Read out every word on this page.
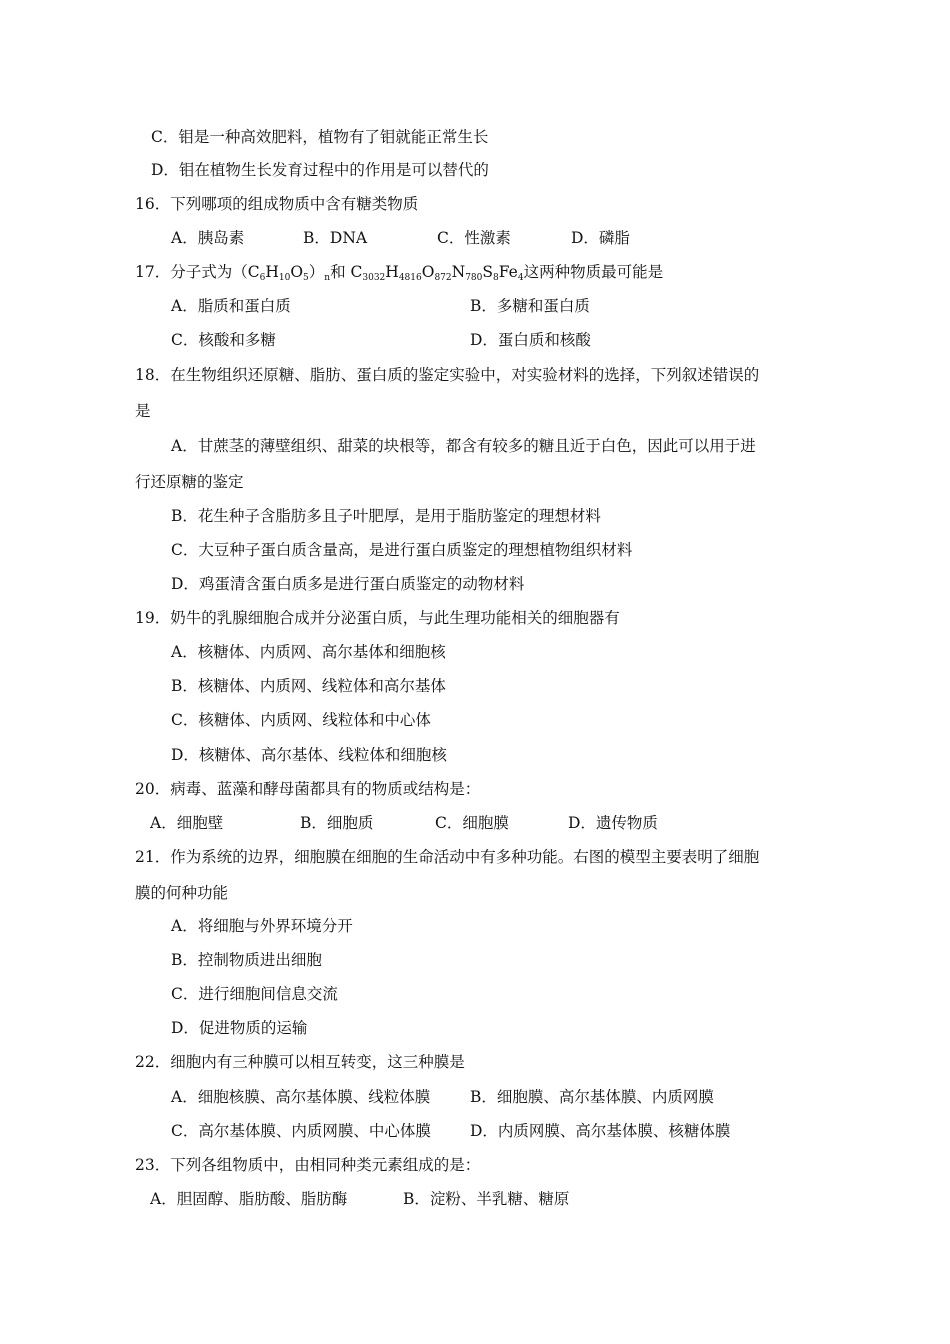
C．钼是一种高效肥料，植物有了钼就能正常生长
D．钼在植物生长发育过程中的作用是可以替代的
16．下列哪项的组成物质中含有糖类物质
A．胰岛素	B．DNA	C．性激素	D．磷脂
17．分子式为$(C_6H_{10}O_5)_n$和 $C_{3032}H_{4816}O_{872}N_{780}S_8Fe_4$这两种物质最可能是
A．脂质和蛋白质	B．多糖和蛋白质
C．核酸和多糖	D．蛋白质和核酸
18．在生物组织还原糖、脂肪、蛋白质的鉴定实验中，对实验材料的选择，下列叙述错误的
是
A．甘蔗茎的薄壁组织、甜菜的块根等，都含有较多的糖且近于白色，因此可以用于进
行还原糖的鉴定
B．花生种子含脂肪多且子叶肥厚，是用于脂肪鉴定的理想材料
C．大豆种子蛋白质含量高，是进行蛋白质鉴定的理想植物组织材料
D．鸡蛋清含蛋白质多是进行蛋白质鉴定的动物材料
19．奶牛的乳腺细胞合成并分泌蛋白质，与此生理功能相关的细胞器有
A．核糖体、内质网、高尔基体和细胞核
B．核糖体、内质网、线粒体和高尔基体
C．核糖体、内质网、线粒体和中心体
D．核糖体、高尔基体、线粒体和细胞核
20．病毒、蓝藻和酵母菌都具有的物质或结构是：
A．细胞壁	B．细胞质	C．细胞膜	D．遗传物质
21．作为系统的边界，细胞膜在细胞的生命活动中有多种功能。右图的模型主要表明了细胞
膜的何种功能
A．将细胞与外界环境分开
B．控制物质进出细胞
C．进行细胞间信息交流
D．促进物质的运输
22．细胞内有三种膜可以相互转变，这三种膜是
A．细胞核膜、高尔基体膜、线粒体膜	B．细胞膜、高尔基体膜、内质网膜
C．高尔基体膜、内质网膜、中心体膜	D．内质网膜、高尔基体膜、核糖体膜
23．下列各组物质中，由相同种类元素组成的是：
A．胆固醇、脂肪酸、脂肪酶	B．淀粉、半乳糖、糖原
